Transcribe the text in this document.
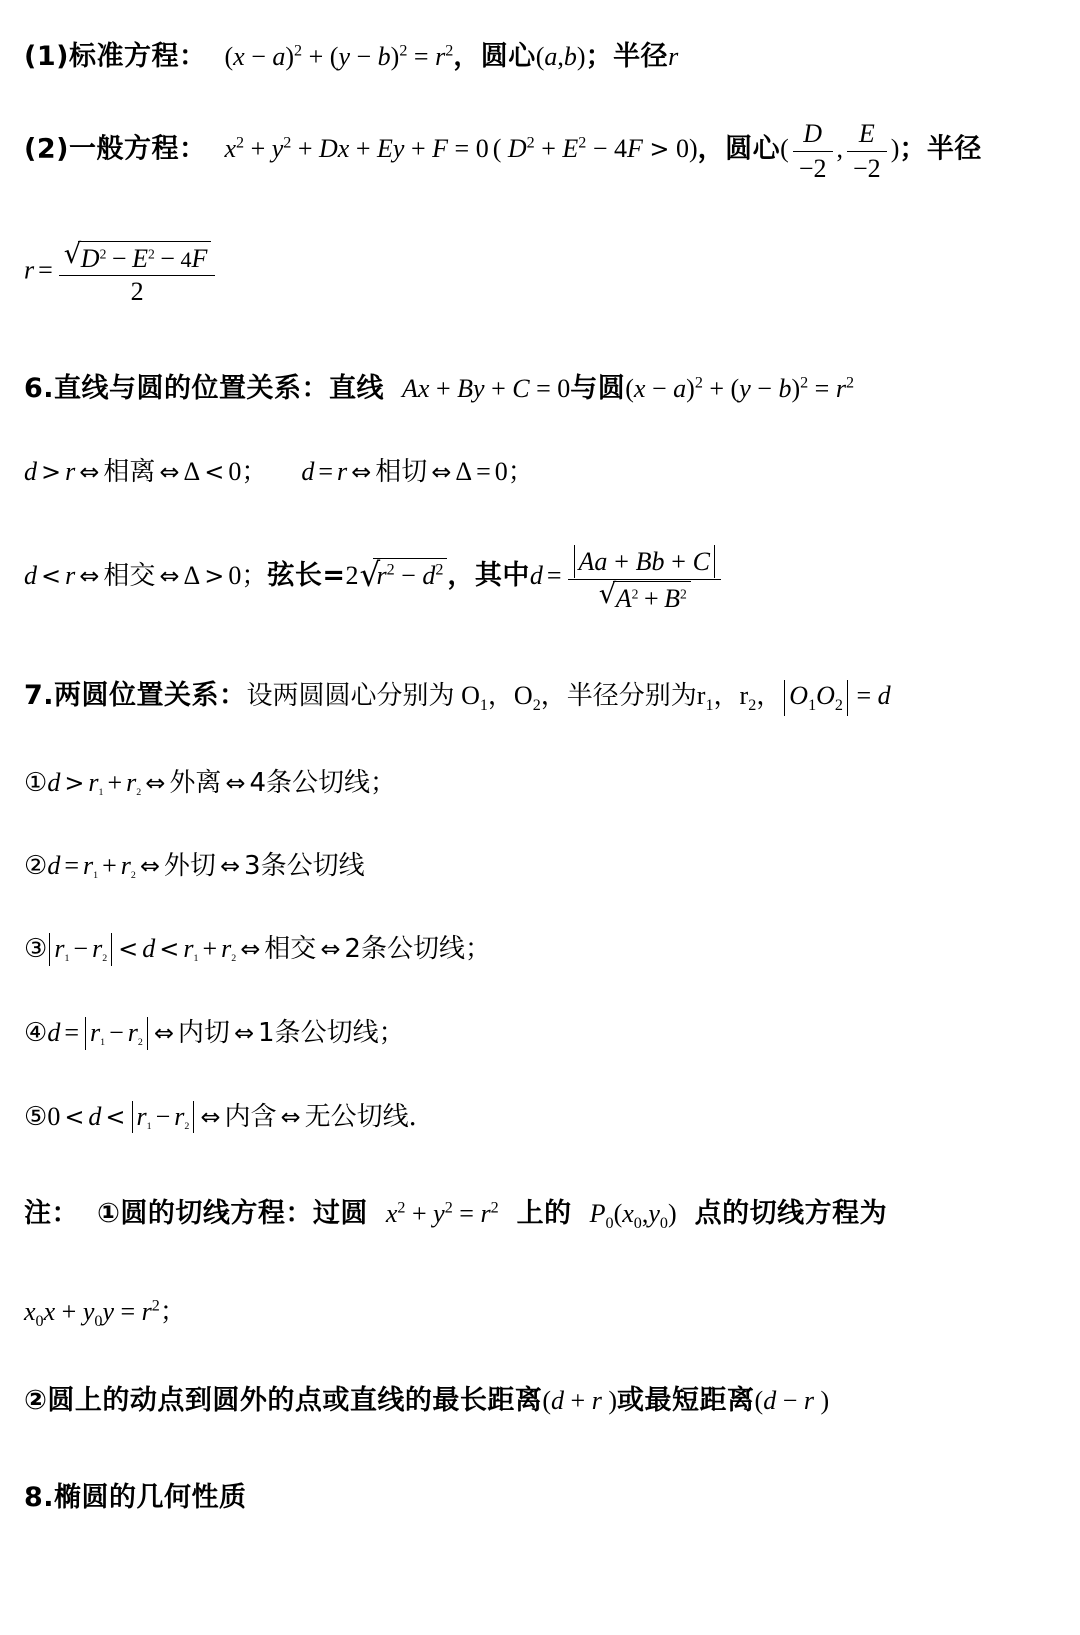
(1)标准方程： $(x - a)^2 + (y - b)^2 = r^2$，圆心(a,b)；半径r
(2)一般方程： $x^2 + y^2 + Dx + Ey + F = 0$ ( $D^2 + E^2 - 4F > 0$)，圆心( $\frac{D}{-2}$ , $\frac{E}{-2}$ )；半径
r = √ $\frac{D^2 - E^2 - 4F}{2}$
6.直线与圆的位置关系：直线 Ax + By + C = 0与圆$(x - a)^2 + (y - b)^2 = r^2$
d > r ⇔ 相离 ⇔ Δ < 0； d = r ⇔ 相切 ⇔ Δ = 0；
d < r ⇔ 相交 ⇔ Δ > 0；弦长=2 √ $r^2 - d^2$ ，其中d = Aa + Bb + C
√ $A^2 + B^2$
7.两圆位置关系：设两圆圆心分别为 $O_1$，$O_2$，半径分别为$r_1$，$r_2$， $O_1O_2 = d$
①d > $r_1 + r_2$ ⇔ 外离 ⇔ 4条公切线；
②d = $r_1 + r_2$ ⇔ 外切 ⇔ 3条公切线
③ $r_1 - r_2 < d < r_1 + r_2$ ⇔ 相交 ⇔ 2条公切线；
④d = $r_1 - r_2$ ⇔ 内切 ⇔ 1条公切线；
⑤0 < $d < r_1 - r_2$ ⇔ 内含 ⇔ 无公切线．
注： ①圆的切线方程：过圆 $x^2 + y^2 = r^2$ 上的 $P_0(x_0,y_0)$ 点的切线方程为
$x_0x + y_0y = r^2$；
②圆上的动点到圆外的点或直线的最长距离(d + r )或最短距离(d − r )
8.椭圆的几何性质
